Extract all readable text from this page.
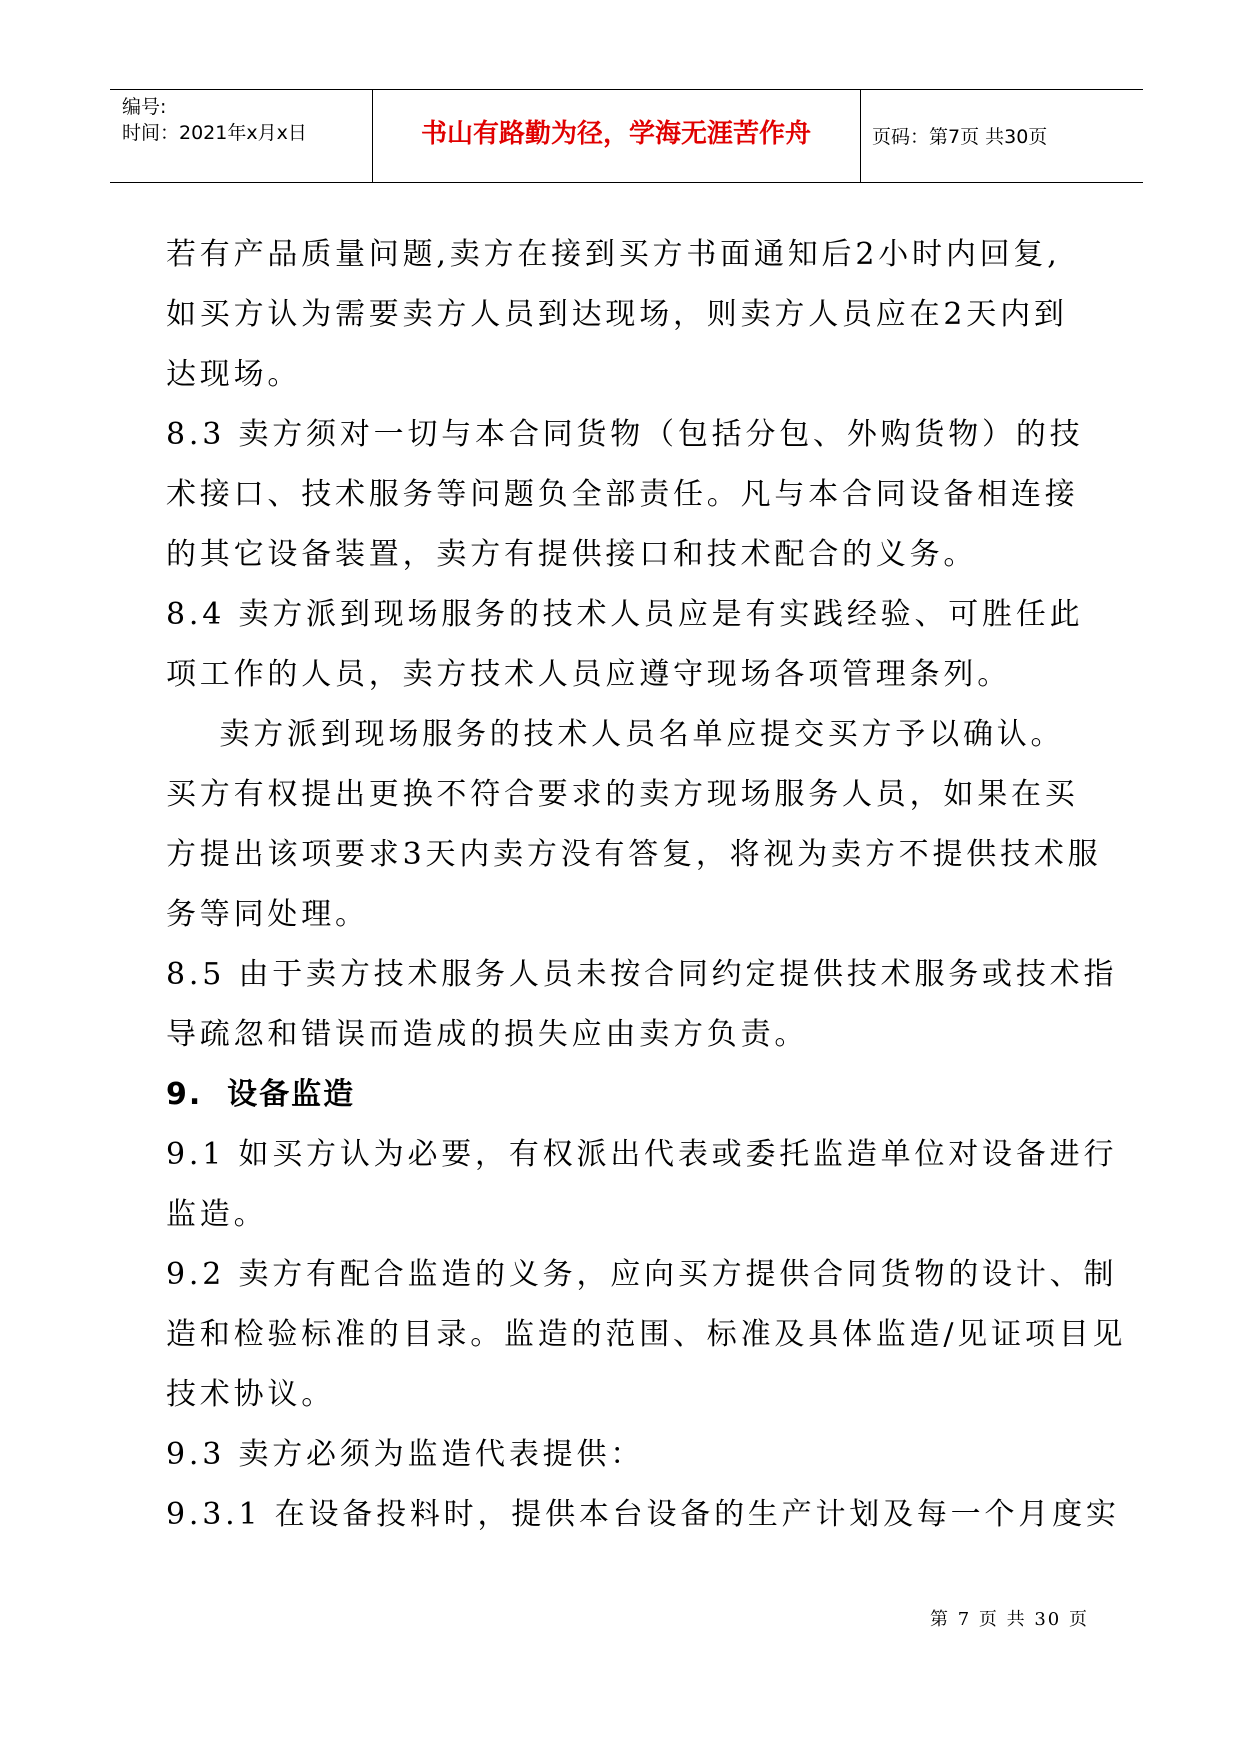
编号:
时间：2021年x月x日	书山有路勤为径，学海无涯苦作舟	页码：第7页 共30页
若有产品质量问题,卖方在接到买方书面通知后2小时内回复,
如买方认为需要卖方人员到达现场，则卖方人员应在2天内到
达现场。
8.3 卖方须对一切与本合同货物（包括分包、外购货物）的技
术接口、技术服务等问题负全部责任。凡与本合同设备相连接
的其它设备装置，卖方有提供接口和技术配合的义务。
8.4 卖方派到现场服务的技术人员应是有实践经验、可胜任此
项工作的人员，卖方技术人员应遵守现场各项管理条列。
卖方派到现场服务的技术人员名单应提交买方予以确认。
买方有权提出更换不符合要求的卖方现场服务人员，如果在买
方提出该项要求3天内卖方没有答复，将视为卖方不提供技术服
务等同处理。
8.5 由于卖方技术服务人员未按合同约定提供技术服务或技术指
导疏忽和错误而造成的损失应由卖方负责。
9.  设备监造
9.1 如买方认为必要，有权派出代表或委托监造单位对设备进行
监造。
9.2 卖方有配合监造的义务，应向买方提供合同货物的设计、制
造和检验标准的目录。监造的范围、标准及具体监造/见证项目见
技术协议。
9.3 卖方必须为监造代表提供：
9.3.1 在设备投料时，提供本台设备的生产计划及每一个月度实
第 7 页 共 30 页
